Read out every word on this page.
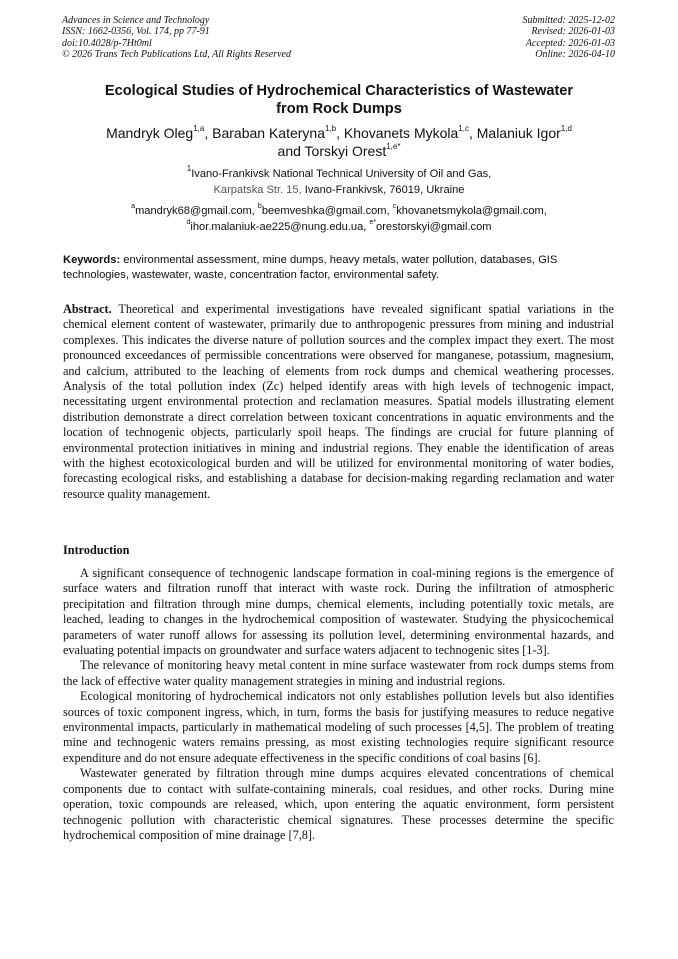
Advances in Science and Technology
ISSN: 1662-0356, Vol. 174, pp 77-91
doi:10.4028/p-7Ht0ml
© 2026 Trans Tech Publications Ltd, All Rights Reserved
Submitted: 2025-12-02
Revised: 2026-01-03
Accepted: 2026-01-03
Online: 2026-04-10
Ecological Studies of Hydrochemical Characteristics of Wastewater
from Rock Dumps
Mandryk Oleg$^{1,a}$, Baraban Kateryna$^{1,b}$, Khovanets Mykola$^{1,c}$, Malaniuk Igor$^{1,d}$
and Torskyi Orest$^{1,e*}$
$^1$Ivano-Frankivsk National Technical University of Oil and Gas,
Karpatska Str. 15, Ivano-Frankivsk, 76019, Ukraine
$^a$mandryk68@gmail.com, $^b$beemveshka@gmail.com, $^c$khovanetsmykola@gmail.com,
$^d$ihor.malaniuk-ae225@nung.edu.ua, $^{e*}$orestorskyi@gmail.com
Keywords: environmental assessment, mine dumps, heavy metals, water pollution, databases, GIS technologies, wastewater, waste, concentration factor, environmental safety.
Abstract. Theoretical and experimental investigations have revealed significant spatial variations in the chemical element content of wastewater, primarily due to anthropogenic pressures from mining and industrial complexes. This indicates the diverse nature of pollution sources and the complex impact they exert. The most pronounced exceedances of permissible concentrations were observed for manganese, potassium, magnesium, and calcium, attributed to the leaching of elements from rock dumps and chemical weathering processes. Analysis of the total pollution index (Zc) helped identify areas with high levels of technogenic impact, necessitating urgent environmental protection and reclamation measures. Spatial models illustrating element distribution demonstrate a direct correlation between toxicant concentrations in aquatic environments and the location of technogenic objects, particularly spoil heaps. The findings are crucial for future planning of environmental protection initiatives in mining and industrial regions. They enable the identification of areas with the highest ecotoxicological burden and will be utilized for environmental monitoring of water bodies, forecasting ecological risks, and establishing a database for decision-making regarding reclamation and water resource quality management.
Introduction

A significant consequence of technogenic landscape formation in coal-mining regions is the emergence of surface waters and filtration runoff that interact with waste rock. During the infiltration of atmospheric precipitation and filtration through mine dumps, chemical elements, including potentially toxic metals, are leached, leading to changes in the hydrochemical composition of wastewater. Studying the physicochemical parameters of water runoff allows for assessing its pollution level, determining environmental hazards, and evaluating potential impacts on groundwater and surface waters adjacent to technogenic sites [1-3].

The relevance of monitoring heavy metal content in mine surface wastewater from rock dumps stems from the lack of effective water quality management strategies in mining and industrial regions.

Ecological monitoring of hydrochemical indicators not only establishes pollution levels but also identifies sources of toxic component ingress, which, in turn, forms the basis for justifying measures to reduce negative environmental impacts, particularly in mathematical modeling of such processes [4,5]. The problem of treating mine and technogenic waters remains pressing, as most existing technologies require significant resource expenditure and do not ensure adequate effectiveness in the specific conditions of coal basins [6].

Wastewater generated by filtration through mine dumps acquires elevated concentrations of chemical components due to contact with sulfate-containing minerals, coal residues, and other rocks. During mine operation, toxic compounds are released, which, upon entering the aquatic environment, form persistent technogenic pollution with characteristic chemical signatures. These processes determine the specific hydrochemical composition of mine drainage [7,8].
